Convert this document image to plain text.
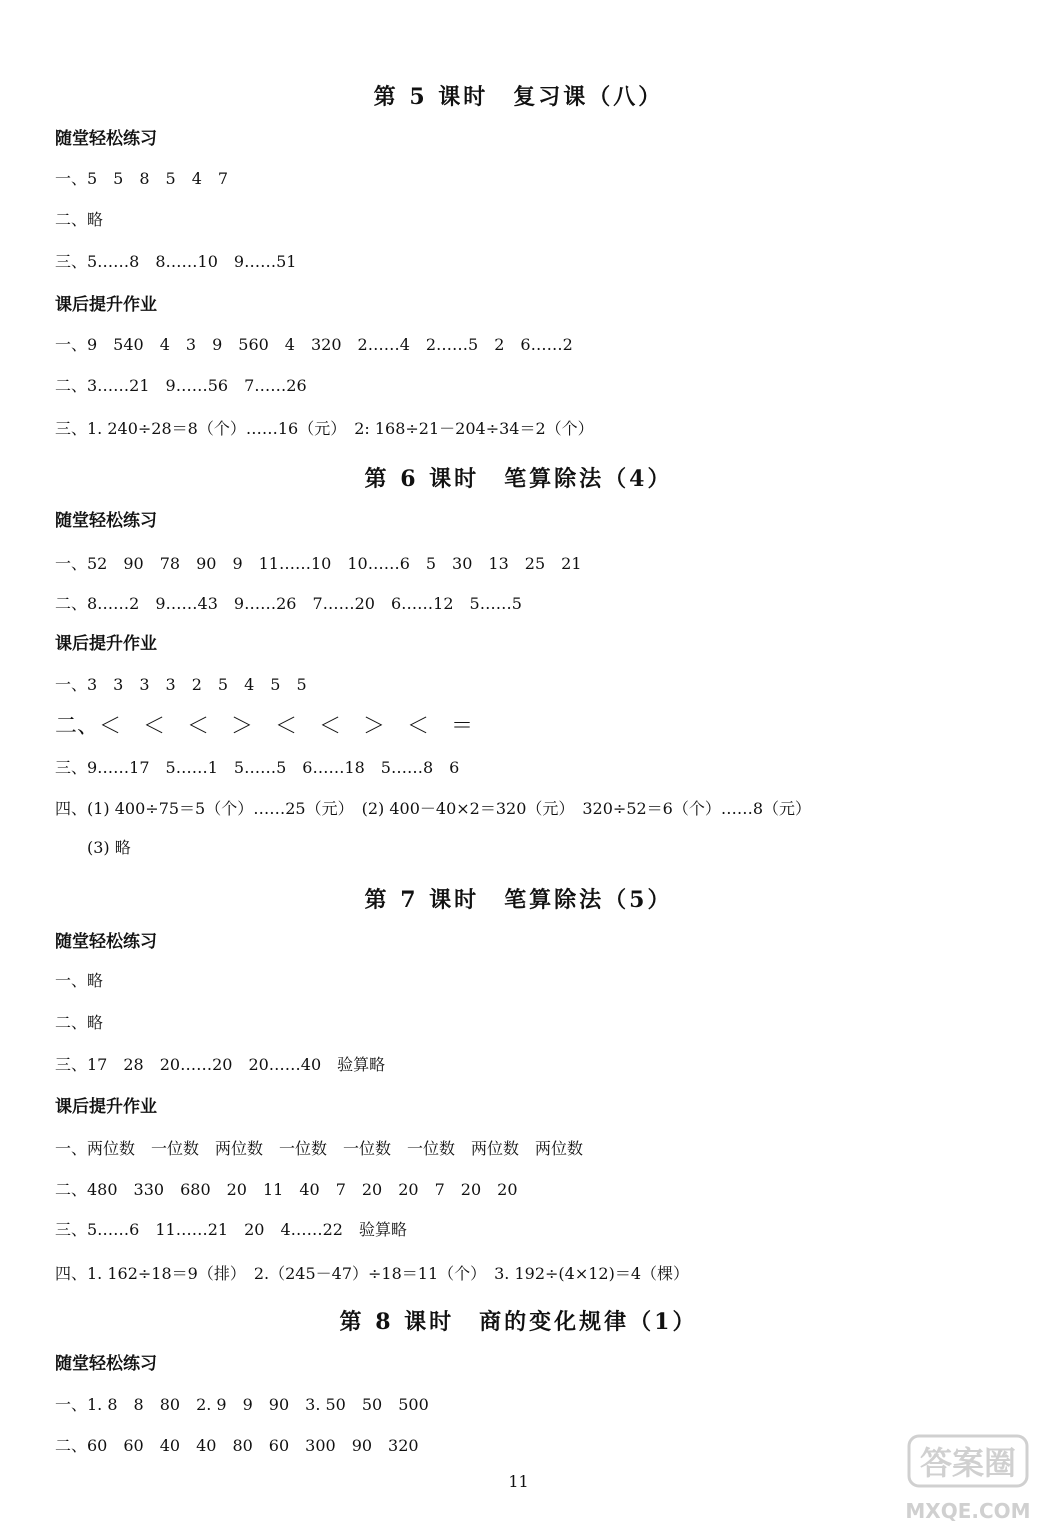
第 5 课时　复习课（八）
随堂轻松练习
一、5　5　8　5　4　7
二、略
三、5……8　8……10　9……51
课后提升作业
一、9　540　4　3　9　560　4　320　2……4　2……5　2　6……2
二、3……21　9……56　7……26
三、1. 240÷28＝8（个）……16（元）　2: 168÷21－204÷34＝2（个）
第 6 课时　笔算除法（4）
随堂轻松练习
一、52　90　78　90　9　11……10　10……6　5　30　13　25　21
二、8……2　9……43　9……26　7……20　6……12　5……5
课后提升作业
一、3　3　3　3　2　5　4　5　5
二、＜　＜　＜　＞　＜　＜　＞　＜　＝
三、9……17　5……1　5……5　6……18　5……8　6
四、(1) 400÷75＝5（个）……25（元）　(2) 400－40×2＝320（元）　320÷52＝6（个）……8（元）
　　(3) 略
第 7 课时　笔算除法（5）
随堂轻松练习
一、略
二、略
三、17　28　20……20　20……40　验算略
课后提升作业
一、两位数　一位数　两位数　一位数　一位数　一位数　两位数　两位数
二、480　330　680　20　11　40　7　20　20　7　20　20
三、5……6　11……21　20　4……22　验算略
四、1. 162÷18＝9（排）　2.（245－47）÷18＝11（个）　3. 192÷(4×12)＝4（棵）
第 8 课时　商的变化规律（1）
随堂轻松练习
一、1. 8　8　80　2. 9　9　90　3. 50　50　500
二、60　60　40　40　80　60　300　90　320
11	答案圈
MXQE.COM
